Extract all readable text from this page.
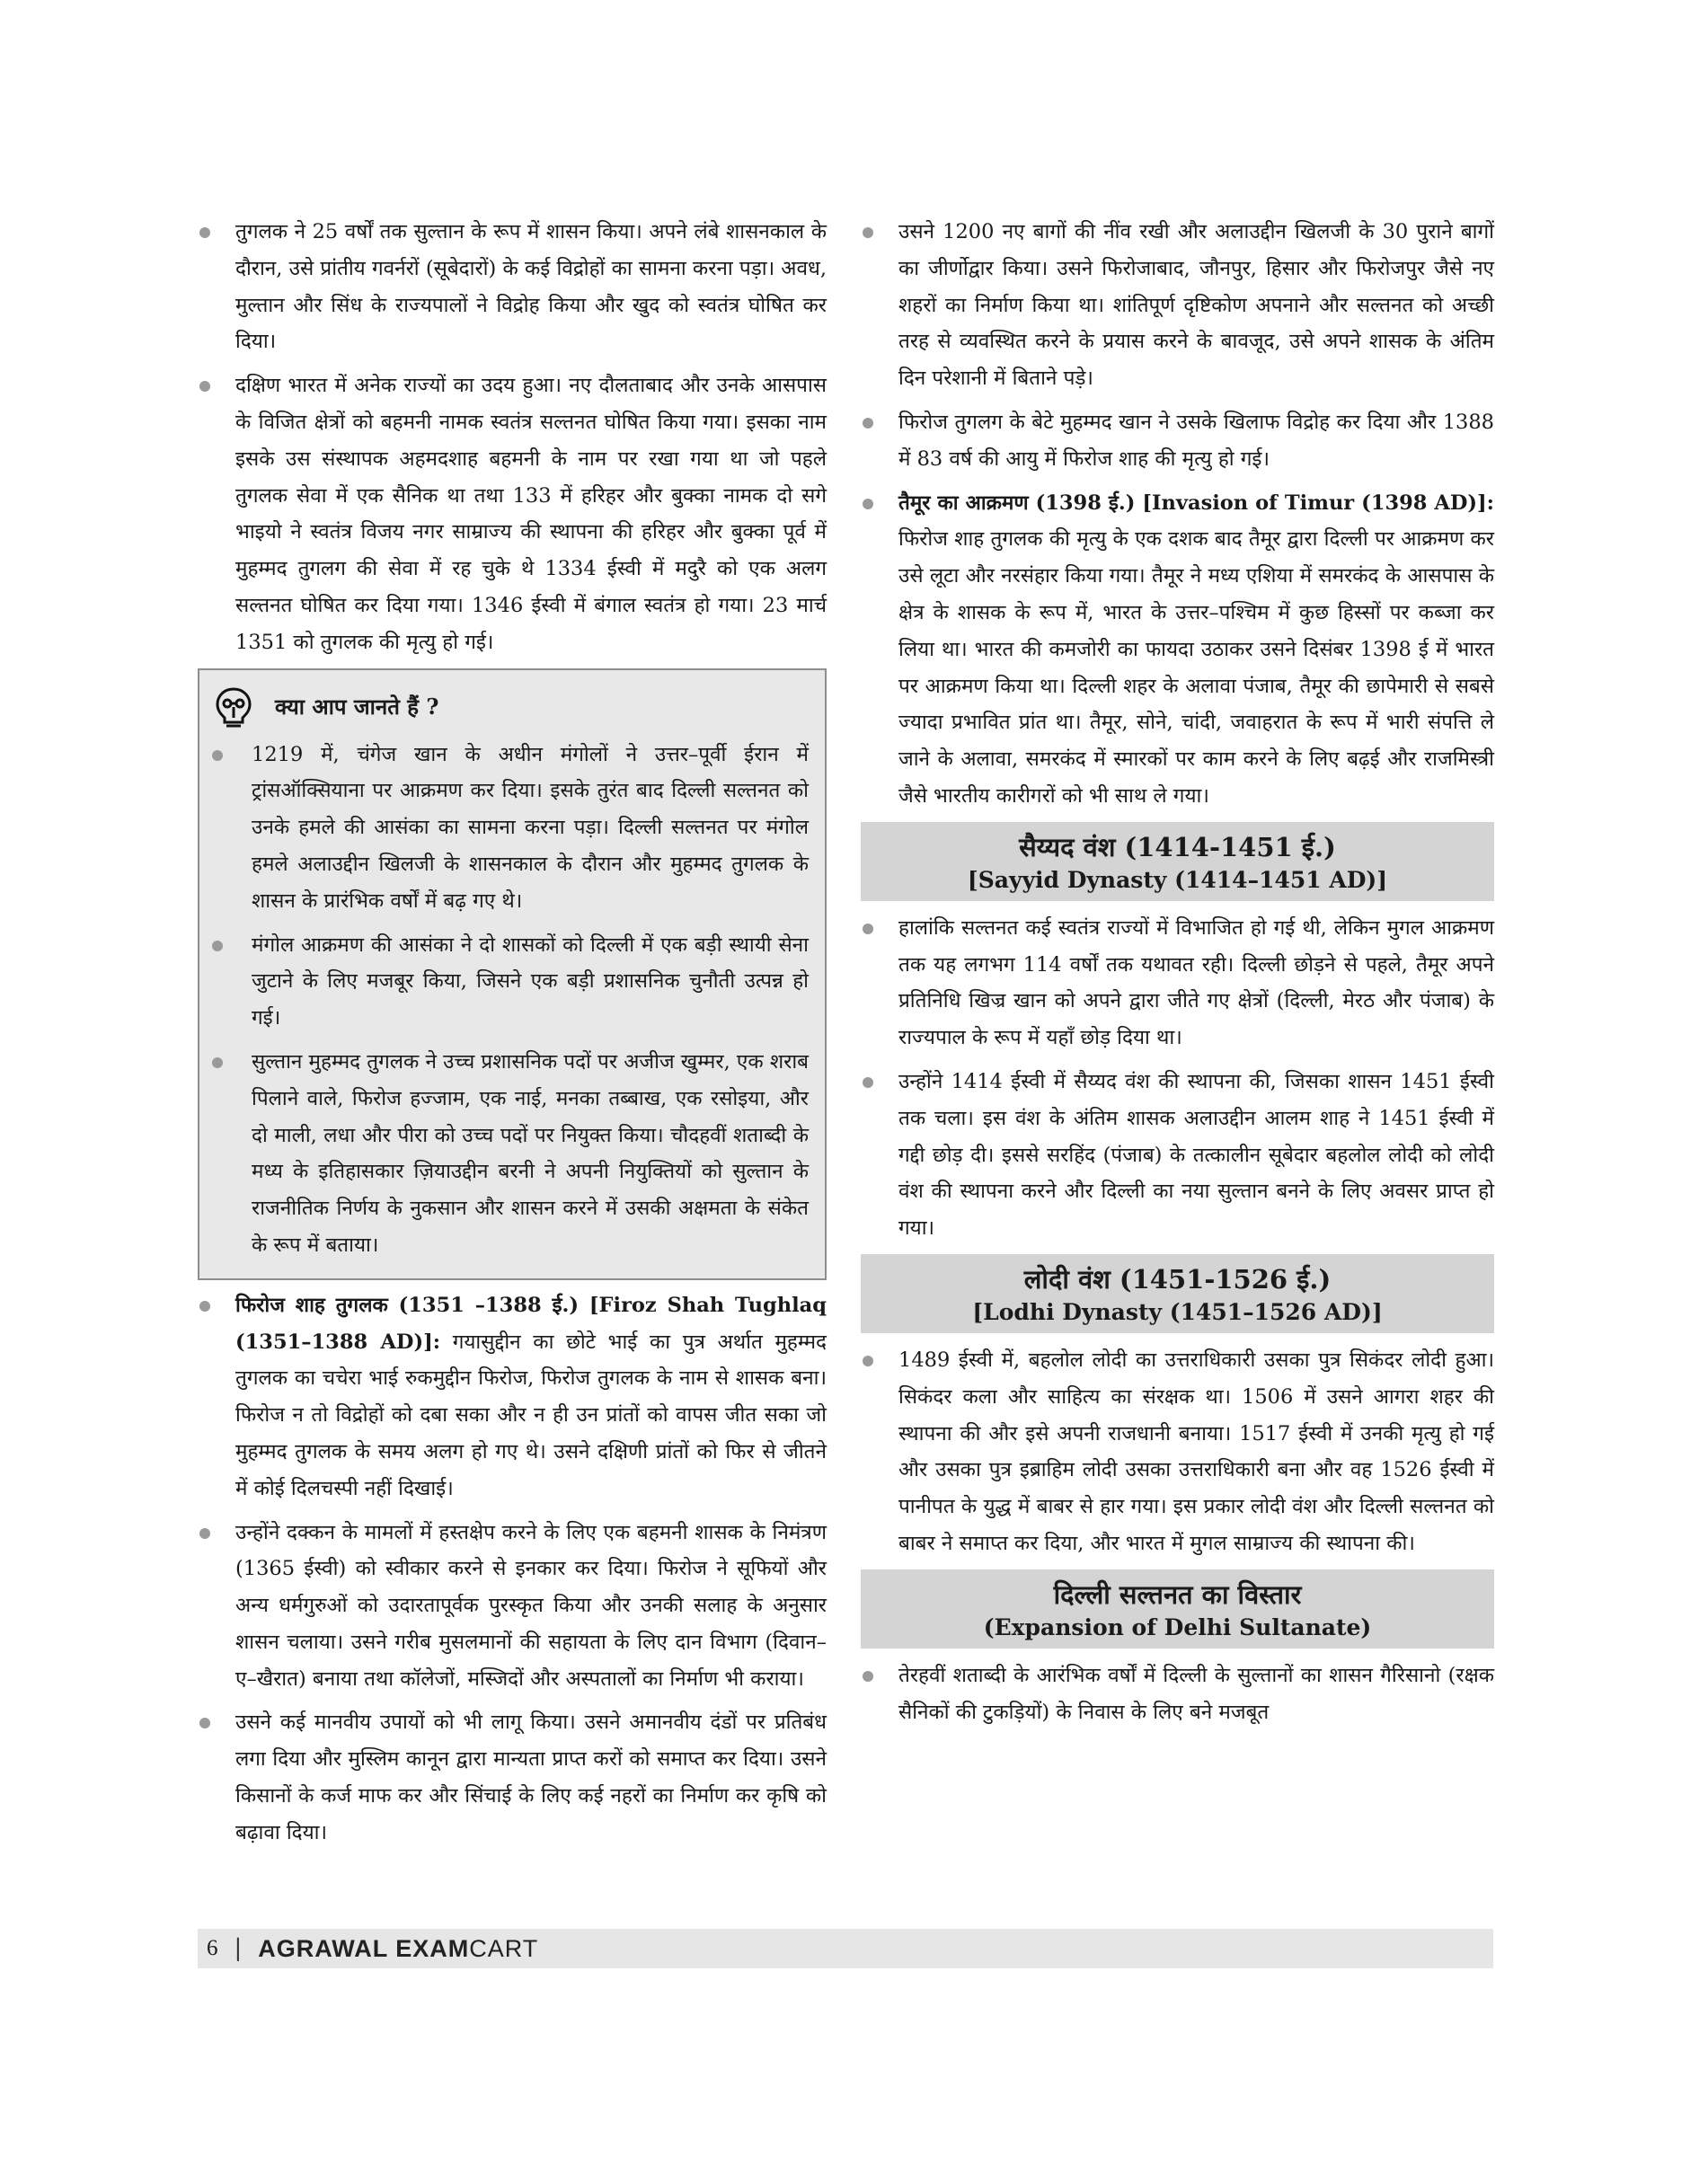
तुगलक ने 25 वर्षों तक सुल्तान के रूप में शासन किया। अपने लंबे शासनकाल के दौरान, उसे प्रांतीय गवर्नरों (सूबेदारों) के कई विद्रोहों का सामना करना पड़ा। अवध, मुल्तान और सिंध के राज्यपालों ने विद्रोह किया और खुद को स्वतंत्र घोषित कर दिया।

दक्षिण भारत में अनेक राज्यों का उदय हुआ। नए दौलताबाद और उनके आसपास के विजित क्षेत्रों को बहमनी नामक स्वतंत्र सल्तनत घोषित किया गया। इसका नाम इसके उस संस्थापक अहमदशाह बहमनी के नाम पर रखा गया था जो पहले तुगलक सेवा में एक सैनिक था तथा 133 में हरिहर और बुक्का नामक दो सगे भाइयो ने स्वतंत्र विजय नगर साम्राज्य की स्थापना की हरिहर और बुक्का पूर्व में मुहम्मद तुगलग की सेवा में रह चुके थे 1334 ईस्वी में मदुरै को एक अलग सल्तनत घोषित कर दिया गया। 1346 ईस्वी में बंगाल स्वतंत्र हो गया। 23 मार्च 1351 को तुगलक की मृत्यु हो गई।

क्या आप जानते हैं ?

1219 में, चंगेज खान के अधीन मंगोलों ने उत्तर–पूर्वी ईरान में ट्रांसऑक्सियाना पर आक्रमण कर दिया। इसके तुरंत बाद दिल्ली सल्तनत को उनके हमले की आसंका का सामना करना पड़ा। दिल्ली सल्तनत पर मंगोल हमले अलाउद्दीन खिलजी के शासनकाल के दौरान और मुहम्मद तुगलक के शासन के प्रारंभिक वर्षों में बढ़ गए थे।

मंगोल आक्रमण की आसंका ने दो शासकों को दिल्ली में एक बड़ी स्थायी सेना जुटाने के लिए मजबूर किया, जिसने एक बड़ी प्रशासनिक चुनौती उत्पन्न हो गई।

सुल्तान मुहम्मद तुगलक ने उच्च प्रशासनिक पदों पर अजीज खुम्मर, एक शराब पिलाने वाले, फिरोज हज्जाम, एक नाई, मनका तब्बाख, एक रसोइया, और दो माली, लधा और पीरा को उच्च पदों पर नियुक्त किया। चौदहवीं शताब्दी के मध्य के इतिहासकार ज़ियाउद्दीन बरनी ने अपनी नियुक्तियों को सुल्तान के राजनीतिक निर्णय के नुकसान और शासन करने में उसकी अक्षमता के संकेत के रूप में बताया।

फिरोज शाह तुगलक (1351 –1388 ई.) [Firoz Shah Tughlaq (1351–1388 AD)]: गयासुद्दीन का छोटे भाई का पुत्र अर्थात मुहम्मद तुगलक का चचेरा भाई रुकमुद्दीन फिरोज, फिरोज तुगलक के नाम से शासक बना। फिरोज न तो विद्रोहों को दबा सका और न ही उन प्रांतों को वापस जीत सका जो मुहम्मद तुगलक के समय अलग हो गए थे। उसने दक्षिणी प्रांतों को फिर से जीतने में कोई दिलचस्पी नहीं दिखाई।

उन्होंने दक्कन के मामलों में हस्तक्षेप करने के लिए एक बहमनी शासक के निमंत्रण (1365 ईस्वी) को स्वीकार करने से इनकार कर दिया। फिरोज ने सूफियों और अन्य धर्मगुरुओं को उदारतापूर्वक पुरस्कृत किया और उनकी सलाह के अनुसार शासन चलाया। उसने गरीब मुसलमानों की सहायता के लिए दान विभाग (दिवान–ए–खैरात) बनाया तथा कॉलेजों, मस्जिदों और अस्पतालों का निर्माण भी कराया।

उसने कई मानवीय उपायों को भी लागू किया। उसने अमानवीय दंडों पर प्रतिबंध लगा दिया और मुस्लिम कानून द्वारा मान्यता प्राप्त करों को समाप्त कर दिया। उसने किसानों के कर्ज माफ कर और सिंचाई के लिए कई नहरों का निर्माण कर कृषि को बढ़ावा दिया।

उसने 1200 नए बागों की नींव रखी और अलाउद्दीन खिलजी के 30 पुराने बागों का जीर्णोद्वार किया। उसने फिरोजाबाद, जौनपुर, हिसार और फिरोजपुर जैसे नए शहरों का निर्माण किया था। शांतिपूर्ण दृष्टिकोण अपनाने और सल्तनत को अच्छी तरह से व्यवस्थित करने के प्रयास करने के बावजूद, उसे अपने शासक के अंतिम दिन परेशानी में बिताने पड़े।

फिरोज तुगलग के बेटे मुहम्मद खान ने उसके खिलाफ विद्रोह कर दिया और 1388 में 83 वर्ष की आयु में फिरोज शाह की मृत्यु हो गई।

तैमूर का आक्रमण (1398 ई.) [Invasion of Timur (1398 AD)]: फिरोज शाह तुगलक की मृत्यु के एक दशक बाद तैमूर द्वारा दिल्ली पर आक्रमण कर उसे लूटा और नरसंहार किया गया। तैमूर ने मध्य एशिया में समरकंद के आसपास के क्षेत्र के शासक के रूप में, भारत के उत्तर–पश्चिम में कुछ हिस्सों पर कब्जा कर लिया था। भारत की कमजोरी का फायदा उठाकर उसने दिसंबर 1398 ई में भारत पर आक्रमण किया था। दिल्ली शहर के अलावा पंजाब, तैमूर की छापेमारी से सबसे ज्यादा प्रभावित प्रांत था। तैमूर, सोने, चांदी, जवाहरात के रूप में भारी संपत्ति ले जाने के अलावा, समरकंद में स्मारकों पर काम करने के लिए बढ़ई और राजमिस्त्री जैसे भारतीय कारीगरों को भी साथ ले गया।

सैय्यद वंश (1414-1451 ई.)
[Sayyid Dynasty (1414–1451 AD)]

हालांकि सल्तनत कई स्वतंत्र राज्यों में विभाजित हो गई थी, लेकिन मुगल आक्रमण तक यह लगभग 114 वर्षों तक यथावत रही। दिल्ली छोड़ने से पहले, तैमूर अपने प्रतिनिधि खिज्र खान को अपने द्वारा जीते गए क्षेत्रों (दिल्ली, मेरठ और पंजाब) के राज्यपाल के रूप में यहाँ छोड़ दिया था।

उन्होंने 1414 ईस्वी में सैय्यद वंश की स्थापना की, जिसका शासन 1451 ईस्वी तक चला। इस वंश के अंतिम शासक अलाउद्दीन आलम शाह ने 1451 ईस्वी में गद्दी छोड़ दी। इससे सरहिंद (पंजाब) के तत्कालीन सूबेदार बहलोल लोदी को लोदी वंश की स्थापना करने और दिल्ली का नया सुल्तान बनने के लिए अवसर प्राप्त हो गया।

लोदी वंश (1451-1526 ई.)
[Lodhi Dynasty (1451–1526 AD)]

1489 ईस्वी में, बहलोल लोदी का उत्तराधिकारी उसका पुत्र सिकंदर लोदी हुआ। सिकंदर कला और साहित्य का संरक्षक था। 1506 में उसने आगरा शहर की स्थापना की और इसे अपनी राजधानी बनाया। 1517 ईस्वी में उनकी मृत्यु हो गई और उसका पुत्र इब्राहिम लोदी उसका उत्तराधिकारी बना और वह 1526 ईस्वी में पानीपत के युद्ध में बाबर से हार गया। इस प्रकार लोदी वंश और दिल्ली सल्तनत को बाबर ने समाप्त कर दिया, और भारत में मुगल साम्राज्य की स्थापना की।

दिल्ली सल्तनत का विस्तार
(Expansion of Delhi Sultanate)

तेरहवीं शताब्दी के आरंभिक वर्षों में दिल्ली के सुल्तानों का शासन गैरिसानो (रक्षक सैनिकों की टुकड़ियों) के निवास के लिए बने मजबूत

6 | AGRAWAL EXAMCART
